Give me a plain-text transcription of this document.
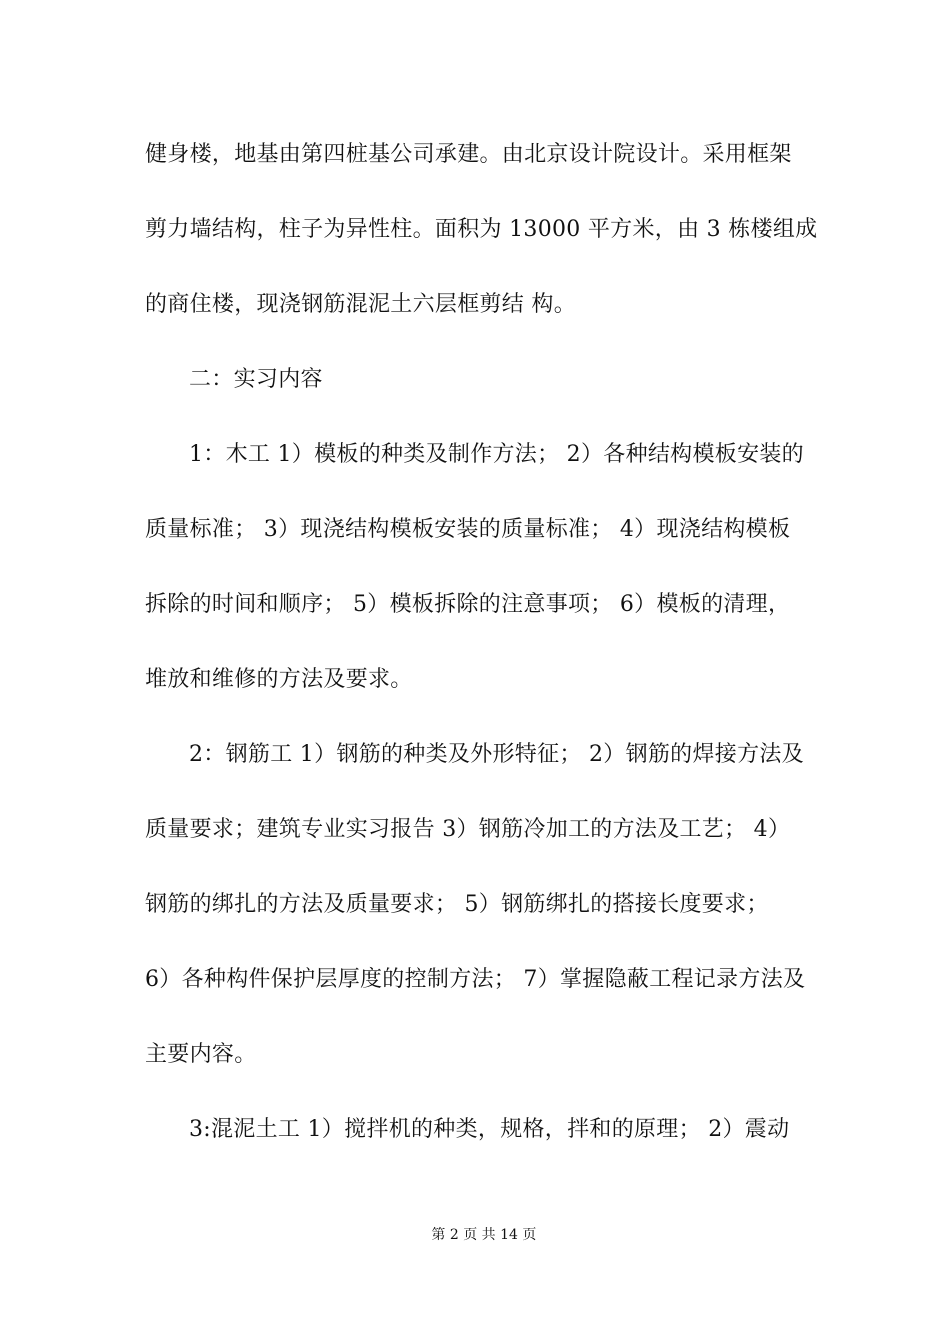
健身楼，地基由第四桩基公司承建。由北京设计院设计。采用框架
剪力墙结构，柱子为异性柱。面积为 13000 平方米，由 3 栋楼组成
的商住楼，现浇钢筋混泥土六层框剪结 构。
二：实习内容
1：木工 1）模板的种类及制作方法； 2）各种结构模板安装的
质量标准； 3）现浇结构模板安装的质量标准； 4）现浇结构模板
拆除的时间和顺序； 5）模板拆除的注意事项； 6）模板的清理，
堆放和维修的方法及要求。
2：钢筋工 1）钢筋的种类及外形特征； 2）钢筋的焊接方法及
质量要求；建筑专业实习报告 3）钢筋冷加工的方法及工艺； 4）
钢筋的绑扎的方法及质量要求； 5）钢筋绑扎的搭接长度要求；
6）各种构件保护层厚度的控制方法； 7）掌握隐蔽工程记录方法及
主要内容。
3:混泥土工 1）搅拌机的种类，规格，拌和的原理； 2）震动

第 2 页 共 14 页
